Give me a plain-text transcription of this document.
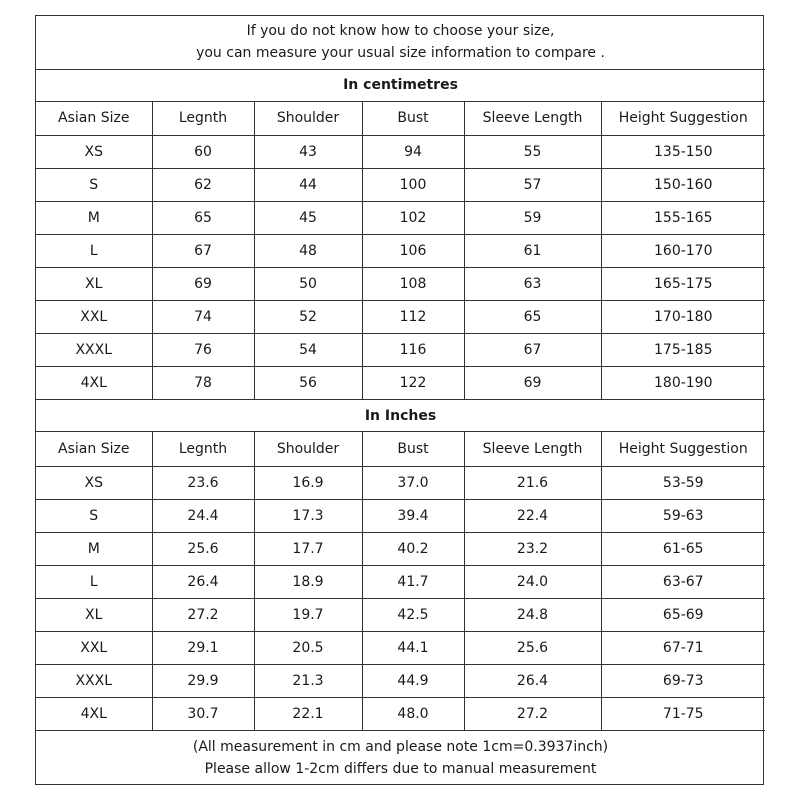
If you do not know how to choose your size,
you can measure your usual size information to compare .					

In centimetres					
Asian Size	Legnth	Shoulder	Bust	Sleeve Length	Height Suggestion
XS	60	43	94	55	135-150
S	62	44	100	57	150-160
M	65	45	102	59	155-165
L	67	48	106	61	160-170
XL	69	50	108	63	165-175
XXL	74	52	112	65	170-180
XXXL	76	54	116	67	175-185
4XL	78	56	122	69	180-190
In Inches					
Asian Size	Legnth	Shoulder	Bust	Sleeve Length	Height Suggestion
XS	23.6	16.9	37.0	21.6	53-59
S	24.4	17.3	39.4	22.4	59-63
M	25.6	17.7	40.2	23.2	61-65
L	26.4	18.9	41.7	24.0	63-67
XL	27.2	19.7	42.5	24.8	65-69
XXL	29.1	20.5	44.1	25.6	67-71
XXXL	29.9	21.3	44.9	26.4	69-73
4XL	30.7	22.1	48.0	27.2	71-75

(All measurement in cm and please note 1cm=0.3937inch)
Please allow 1-2cm differs due to manual measurement					
